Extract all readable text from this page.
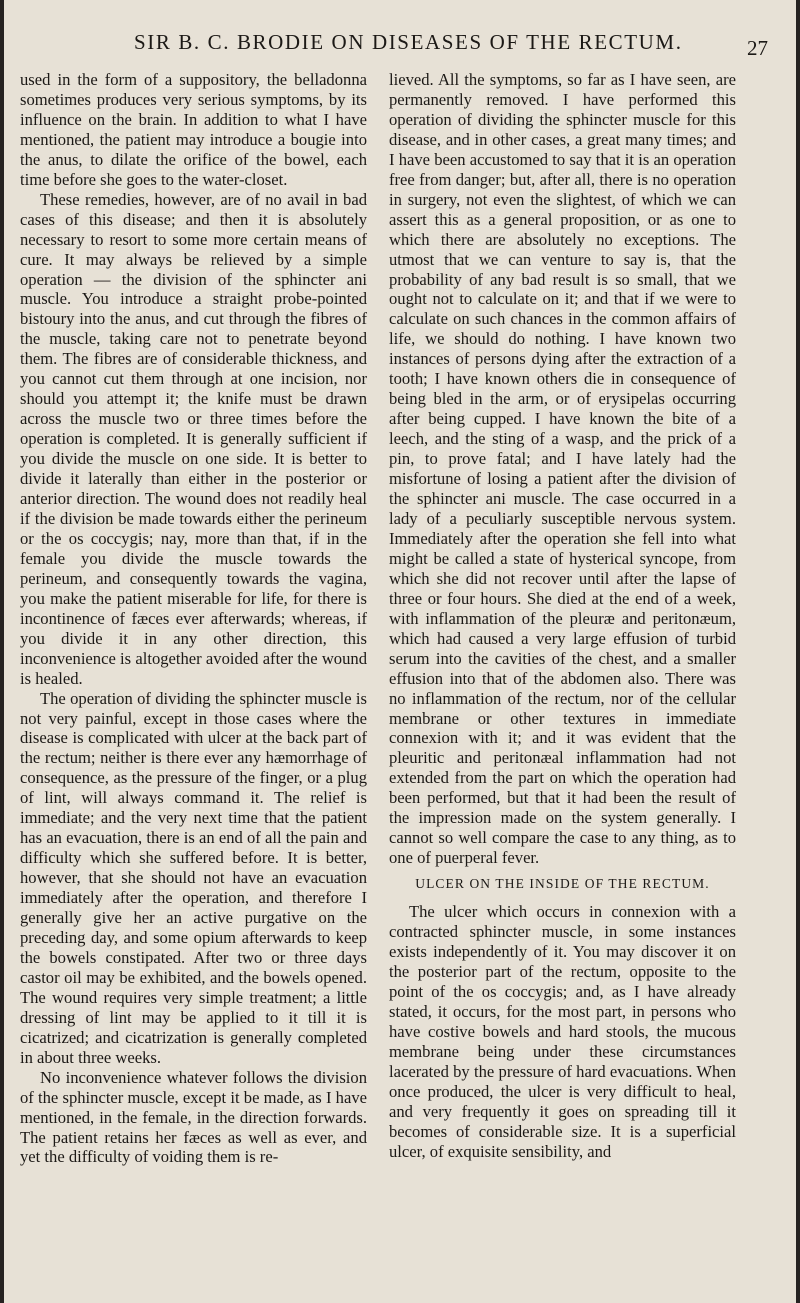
SIR B. C. BRODIE ON DISEASES OF THE RECTUM.	27

used in the form of a suppository, the belladonna sometimes produces very serious symptoms, by its influence on the brain. In addition to what I have mentioned, the patient may introduce a bougie into the anus, to dilate the orifice of the bowel, each time before she goes to the water-closet.

These remedies, however, are of no avail in bad cases of this disease; and then it is absolutely necessary to resort to some more certain means of cure. It may always be relieved by a simple operation — the division of the sphincter ani muscle. You introduce a straight probe-pointed bistoury into the anus, and cut through the fibres of the muscle, taking care not to penetrate beyond them. The fibres are of considerable thickness, and you cannot cut them through at one incision, nor should you attempt it; the knife must be drawn across the muscle two or three times before the operation is completed. It is generally sufficient if you divide the muscle on one side. It is better to divide it laterally than either in the posterior or anterior direction. The wound does not readily heal if the division be made towards either the perineum or the os coccygis; nay, more than that, if in the female you divide the muscle towards the perineum, and consequently towards the vagina, you make the patient miserable for life, for there is incontinence of fæces ever afterwards; whereas, if you divide it in any other direction, this inconvenience is altogether avoided after the wound is healed.

The operation of dividing the sphincter muscle is not very painful, except in those cases where the disease is complicated with ulcer at the back part of the rectum; neither is there ever any hæmorrhage of consequence, as the pressure of the finger, or a plug of lint, will always command it. The relief is immediate; and the very next time that the patient has an evacuation, there is an end of all the pain and difficulty which she suffered before. It is better, however, that she should not have an evacuation immediately after the operation, and therefore I generally give her an active purgative on the preceding day, and some opium afterwards to keep the bowels constipated. After two or three days castor oil may be exhibited, and the bowels opened. The wound requires very simple treatment; a little dressing of lint may be applied to it till it is cicatrized; and cicatrization is generally completed in about three weeks.

No inconvenience whatever follows the division of the sphincter muscle, except it be made, as I have mentioned, in the female, in the direction forwards. The patient retains her fæces as well as ever, and yet the difficulty of voiding them is re-

lieved. All the symptoms, so far as I have seen, are permanently removed. I have performed this operation of dividing the sphincter muscle for this disease, and in other cases, a great many times; and I have been accustomed to say that it is an operation free from danger; but, after all, there is no operation in surgery, not even the slightest, of which we can assert this as a general proposition, or as one to which there are absolutely no exceptions. The utmost that we can venture to say is, that the probability of any bad result is so small, that we ought not to calculate on it; and that if we were to calculate on such chances in the common affairs of life, we should do nothing. I have known two instances of persons dying after the extraction of a tooth; I have known others die in consequence of being bled in the arm, or of erysipelas occurring after being cupped. I have known the bite of a leech, and the sting of a wasp, and the prick of a pin, to prove fatal; and I have lately had the misfortune of losing a patient after the division of the sphincter ani muscle. The case occurred in a lady of a peculiarly susceptible nervous system. Immediately after the operation she fell into what might be called a state of hysterical syncope, from which she did not recover until after the lapse of three or four hours. She died at the end of a week, with inflammation of the pleuræ and peritonæum, which had caused a very large effusion of turbid serum into the cavities of the chest, and a smaller effusion into that of the abdomen also. There was no inflammation of the rectum, nor of the cellular membrane or other textures in immediate connexion with it; and it was evident that the pleuritic and peritonæal inflammation had not extended from the part on which the operation had been performed, but that it had been the result of the impression made on the system generally. I cannot so well compare the case to any thing, as to one of puerperal fever.

ULCER ON THE INSIDE OF THE RECTUM.

The ulcer which occurs in connexion with a contracted sphincter muscle, in some instances exists independently of it. You may discover it on the posterior part of the rectum, opposite to the point of the os coccygis; and, as I have already stated, it occurs, for the most part, in persons who have costive bowels and hard stools, the mucous membrane being under these circumstances lacerated by the pressure of hard evacuations. When once produced, the ulcer is very difficult to heal, and very frequently it goes on spreading till it becomes of considerable size. It is a superficial ulcer, of exquisite sensibility, and
